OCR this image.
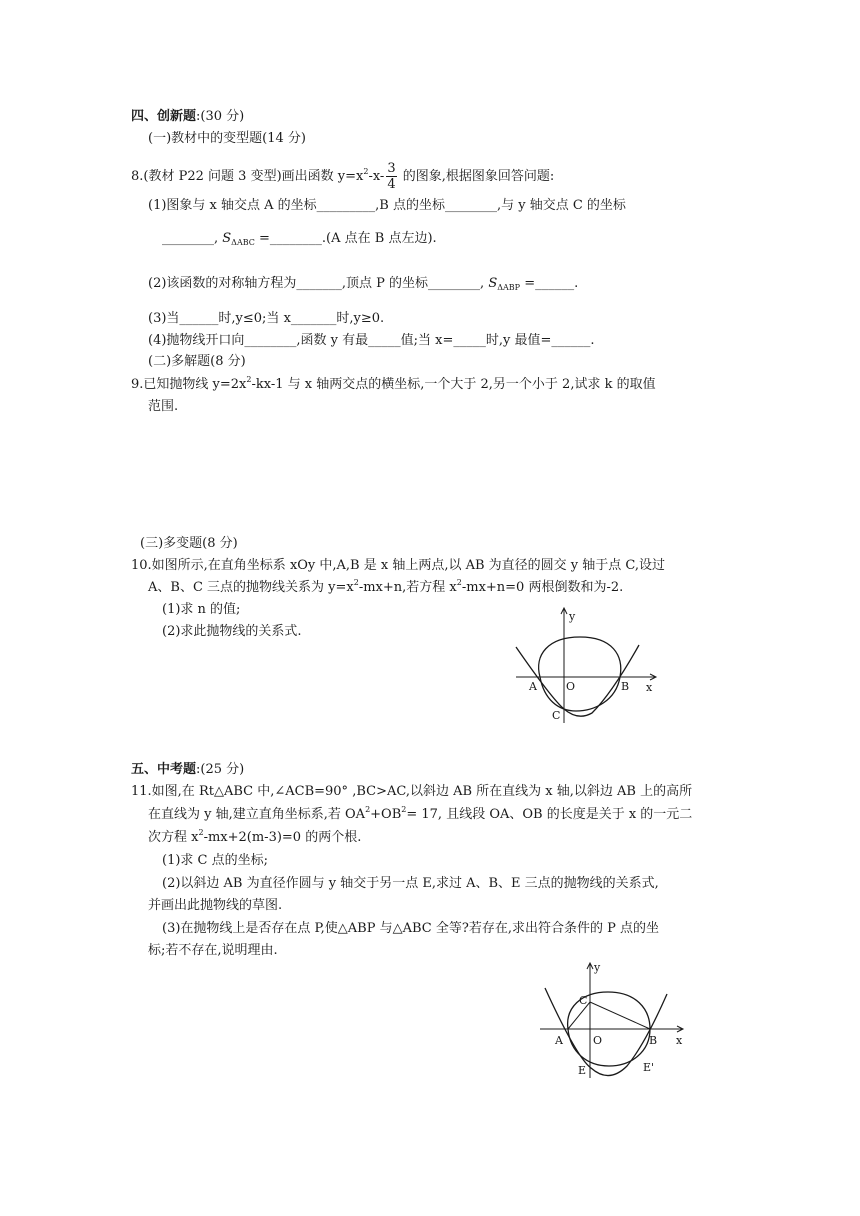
四、创新题:(30 分)
(一)教材中的变型题(14 分)
8.(教材 P22 问题 3 变型)画出函数 $y=x^2-x- \frac{3}{4}$ 的图象,根据图象回答问题:
(1)图象与 x 轴交点 A 的坐标_________,B 点的坐标________,与 y 轴交点 C 的坐标
________, $S_{\Delta ABC}$ =________.(A 点在 B 点左边).
(2)该函数的对称轴方程为_______,顶点 P 的坐标________, $S_{\Delta ABP}$ =______.
(3)当______时,y≤0;当 x_______时,y≥0.
(4)抛物线开口向________,函数 y 有最_____值;当 x=_____时,y 最值=______.
(二)多解题(8 分)
9.已知抛物线 $y=2x^2-kx-1$ 与 x 轴两交点的横坐标,一个大于 2,另一个小于 2,试求 k 的取值
范围.
(三)多变题(8 分)
10.如图所示,在直角坐标系 xOy 中,A,B 是 x 轴上两点,以 AB 为直径的圆交 y 轴于点 C,设过
A、B、C 三点的抛物线关系为 $y=x^2-mx+n$,若方程 $x^2-mx+n=0$ 两根倒数和为-2.
(1)求 n 的值;
(2)求此抛物线的关系式.
y
x
A	O	B
C
五、中考题:(25 分)
11.如图,在 Rt△ABC 中,∠ACB=90° ,BC>AC,以斜边 AB 所在直线为 x 轴,以斜边 AB 上的高所
在直线为 y 轴,建立直角坐标系,若 $OA^2+OB^2= 17$, 且线段 OA、OB 的长度是关于 x 的一元二
次方程 $x^2-mx+2(m-3)=0$ 的两个根.
(1)求 C 点的坐标;
(2)以斜边 AB 为直径作圆与 y 轴交于另一点 E,求过 A、B、E 三点的抛物线的关系式,
并画出此抛物线的草图.
(3)在抛物线上是否存在点 P,使△ABP 与△ABC 全等?若存在,求出符合条件的 P 点的坐
标;若不存在,说明理由.
y
x
C
A	O	B
E	E'
